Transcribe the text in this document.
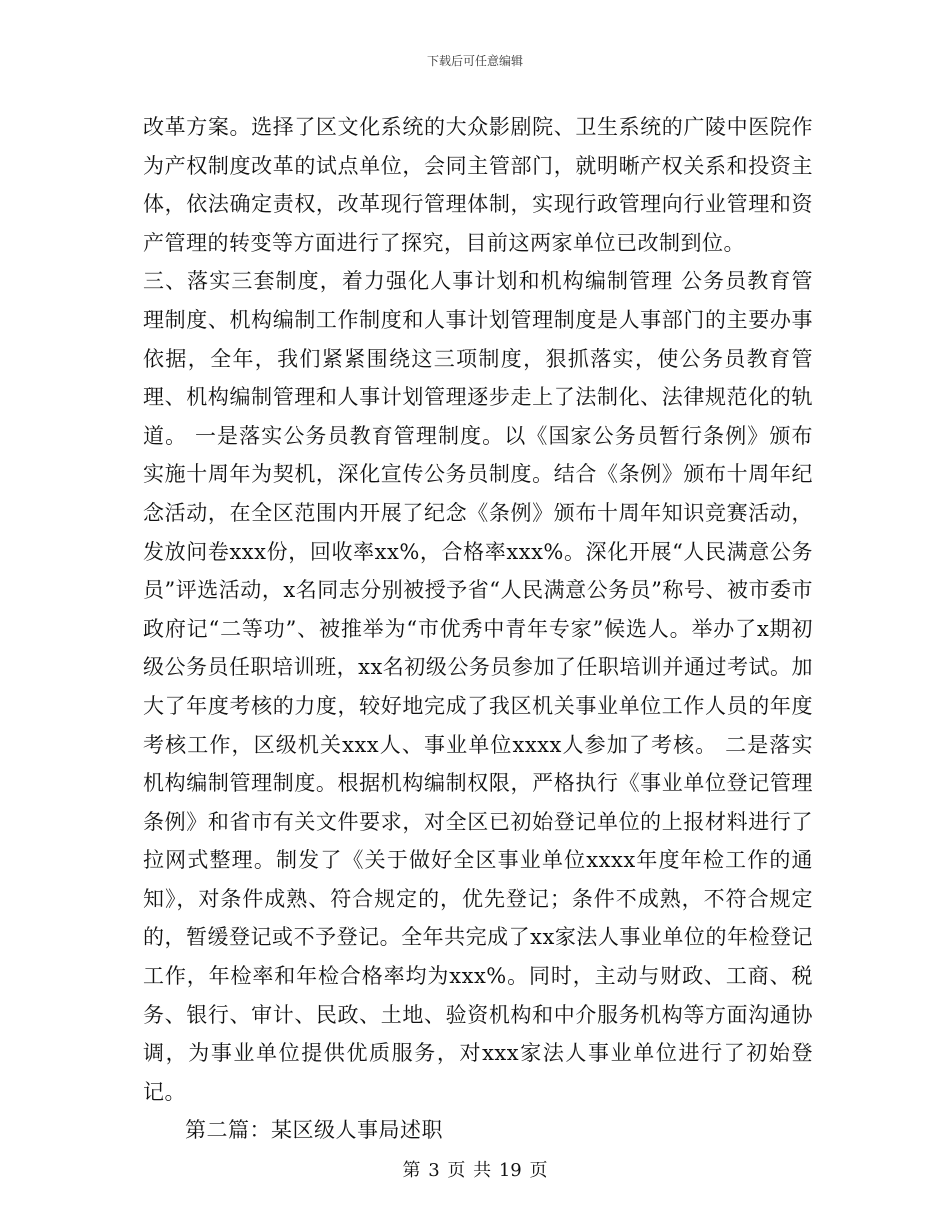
下载后可任意编辑

改革方案。选择了区文化系统的大众影剧院、卫生系统的广陵中医院作为产权制度改革的试点单位，会同主管部门，就明晰产权关系和投资主体，依法确定责权，改革现行管理体制，实现行政管理向行业管理和资产管理的转变等方面进行了探究，目前这两家单位已改制到位。

三、落实三套制度，着力强化人事计划和机构编制管理 公务员教育管理制度、机构编制工作制度和人事计划管理制度是人事部门的主要办事依据，全年，我们紧紧围绕这三项制度，狠抓落实，使公务员教育管理、机构编制管理和人事计划管理逐步走上了法制化、法律规范化的轨道。 一是落实公务员教育管理制度。以《国家公务员暂行条例》颁布实施十周年为契机，深化宣传公务员制度。结合《条例》颁布十周年纪念活动，在全区范围内开展了纪念《条例》颁布十周年知识竞赛活动，发放问卷xxx份，回收率xx%，合格率xxx%。深化开展“人民满意公务员”评选活动，x名同志分别被授予省“人民满意公务员”称号、被市委市政府记“二等功”、被推举为“市优秀中青年专家”候选人。举办了x期初级公务员任职培训班，xx名初级公务员参加了任职培训并通过考试。加大了年度考核的力度，较好地完成了我区机关事业单位工作人员的年度考核工作，区级机关xxx人、事业单位xxxx人参加了考核。 二是落实机构编制管理制度。根据机构编制权限，严格执行《事业单位登记管理条例》和省市有关文件要求，对全区已初始登记单位的上报材料进行了拉网式整理。制发了《关于做好全区事业单位xxxx年度年检工作的通知》，对条件成熟、符合规定的，优先登记；条件不成熟，不符合规定的，暂缓登记或不予登记。全年共完成了xx家法人事业单位的年检登记工作，年检率和年检合格率均为xxx%。同时，主动与财政、工商、税务、银行、审计、民政、土地、验资机构和中介服务机构等方面沟通协调，为事业单位提供优质服务，对xxx家法人事业单位进行了初始登记。

第二篇：某区级人事局述职

第 3 页 共 19 页
